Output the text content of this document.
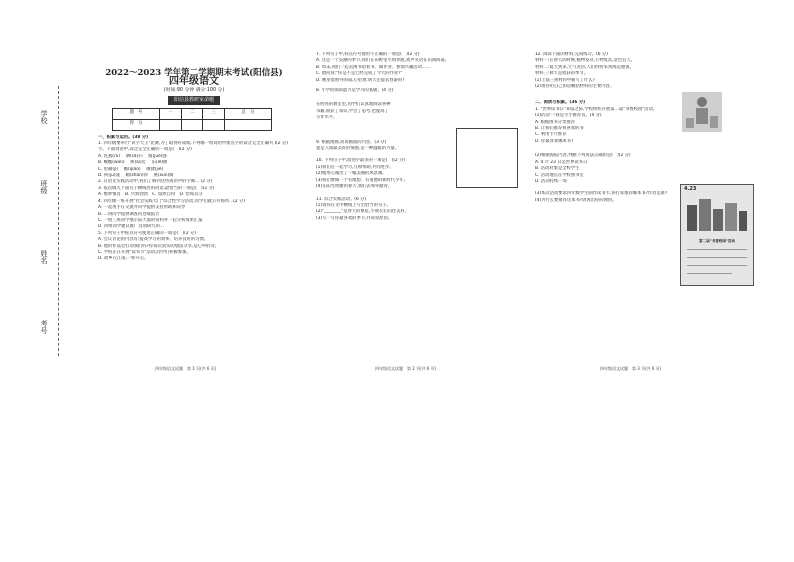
学校
班级
姓名
考号
2022～2023 学年第二学期期末考试(阳信县)
四年级语文
(时间:90 分钟 满分:100 分)
阳信县教研室命题
题　号	一	二	三	总　分
得　分				

一、积累与运用。(38 分)

1. 四年级要举行"识字大王"比赛,为了取得好成绩,下列哪一组词语中加点字的读音完全正确?( )(2 分)

字。下面词语中,读音完全正确的一项是(　)(2 分)

A. 乳燕(rǔ)　 洒(sǎ)扫　 倔(jué)强

B. 蜿蜒(wān)　 挨(ái)近　 乐(lè)曲

C. 慰藉(jí)　 瞧(qiáo)　 敏捷(jié)

D. 拘(jū)谨　 瞻(zhān)仰　 熏(xūn)陶

2. 在语文实践活动中,我们了解到这些成语中的字源... (2 分)

3. 依次填入下面句子横线处的词语,最恰当的一项是(　)(2 分)

A. 惟妙惟肖　B. 兴致勃勃　C. 悠然自得　D. 恰如其分

4. 四年级一班开展"社会实践大门"综合性学习活动,同学们就公共场所...(2 分)

A. 一起用手在交流并向学提供支持帮助和向导

B. 二班同学提供调查问卷或报告

C. 一组三班同学展示前大量的资料并一起分析成果汇报

D. 四组同学建议推广这项研究的...

5. 下列句子中标点符号使用正确的一项是(　)(2 分)

A. 会议讨论的内容有:提高学习的效率、培养良好的习惯。

B. 他的作品会打动我们吗?你每次真实的想法分享,是心中的诗。

C. 学校正在开展"读书节"活动,同学们积极参加。

D. 故乡在江南,一样开心。

7. 下列句子中,标点符号使用不正确的一项是(　)(2 分)

A. 这是一个美丽的季节,我们在田野里尽情奔跑,欢声笑语在山间回荡。

B. 周末,我们一起去图书馆看书、做作业、参加兴趣活动......

C. 他问我:"你是不是已经完成了今天的作业?"

D. 她望着窗外的雨,心里想:明天还能去春游吗?

8. 小学的阅读能力是学习的基础。(4 分)

在明亮的教室里,同学们认真地阅读各种

书籍,收获了知识,学会了思考,也提高了

写作水平。

9. 根据图画,说说画面的内容。(3 分)

爱是人间最美好的情感,是一种温暖的力量。

10. 下列句子中,错别字最多的一项是(　)(2 分)

(1)我们在一起学习,互相帮助,共同进步。

(2)他用心画出了一幅美丽的风景画。

(3)我们要做一个有理想、有道德的新时代少年。

(4)在阳光明媚的春天,我们去郊外踏青。

11. 综合实践活动。(6 分)

(1)请你在文中横线上写出恰当的句子。

(2)"________"是春天的象征,小朋友们向往美好。

(3)写一写你最喜欢的季节,并说说原因。

12. 阅读下面的材料,完成练习。(6 分)

材料一:在春天的时候,植物发芽,万物复苏,景色宜人。

材料二:夏天到来,天气炎热,人们纷纷来到海边避暑。

材料三:秋天是收获的季节。

(1)上面三则材料中描写了什么?

(2)请你用自己的话概括材料的主要内容。

二、阅读与积累。(36 分)

1. "世界读书日"来临之际,学校组织开展第二届"书香校园"活动。

(1)活动一:我是小小推荐员。(4 分)

A. 根据图书分类推荐

B. 让我们推荐我喜欢的书

C. 利用卡片推荐

D. 你最喜欢哪本书?

(2)根据海报内容,判断下列说法正确的是(　)(2 分)

A. 4 月 23 日是世界读书日

B. 活动对象是全校学生

C. 活动地点在学校图书室

D. 活动持续一周

(3)本次活动要求四年级学生制作读书卡,你打算推荐哪本书?作者是谁?

(4)为什么要推荐这本书?请说出你的理由。

4.23
第二届"书香校园"活动
四年级语文试题　第 1 页(共 6 页)	四年级语文试题　第 2 页(共 6 页)	四年级语文试题　第 3 页(共 6 页)
